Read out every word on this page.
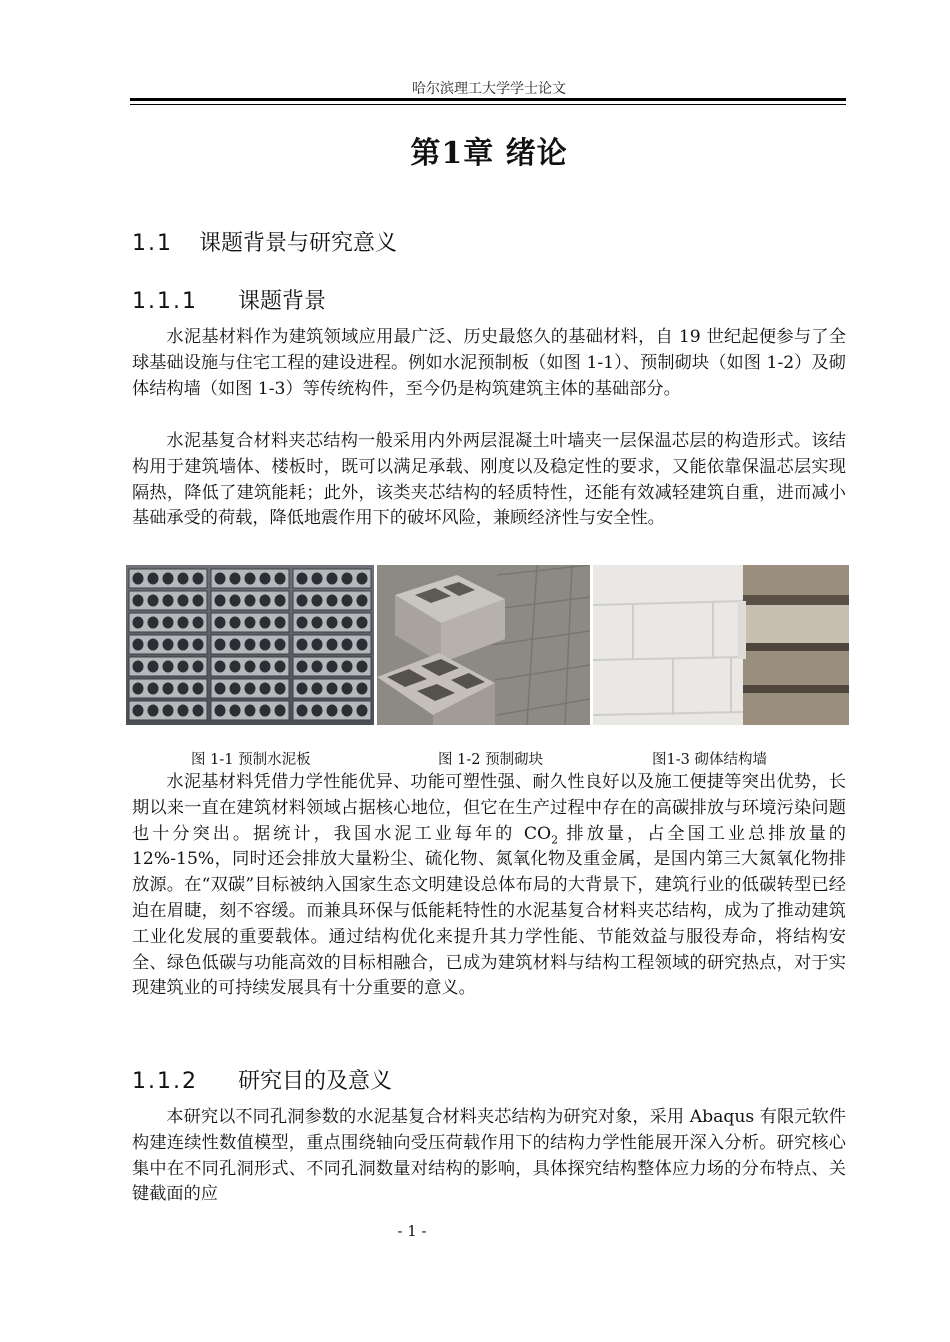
哈尔滨理工大学学士论文
第1章 绪论
1.1 课题背景与研究意义
1.1.1 课题背景

水泥基材料作为建筑领域应用最广泛、历史最悠久的基础材料，自 19 世纪起便参与了全球基础设施与住宅工程的建设进程。例如水泥预制板（如图 1-1）、预制砌块（如图 1-2）及砌体结构墙（如图 1-3）等传统构件，至今仍是构筑建筑主体的基础部分。

水泥基复合材料夹芯结构一般采用内外两层混凝土叶墙夹一层保温芯层的构造形式。该结构用于建筑墙体、楼板时，既可以满足承载、刚度以及稳定性的要求，又能依靠保温芯层实现隔热，降低了建筑能耗；此外，该类夹芯结构的轻质特性，还能有效减轻建筑自重，进而减小基础承受的荷载，降低地震作用下的破坏风险，兼顾经济性与安全性。

图 1-1 预制水泥板	图 1-2 预制砌块	图1-3 砌体结构墙

水泥基材料凭借力学性能优异、功能可塑性强、耐久性良好以及施工便捷等突出优势，长期以来一直在建筑材料领域占据核心地位，但它在生产过程中存在的高碳排放与环境污染问题也十分突出。据统计，我国水泥工业每年的 $CO_2$ 排放量，占全国工业总排放量的 12%-15%，同时还会排放大量粉尘、硫化物、氮氧化物及重金属，是国内第三大氮氧化物排放源。在“双碳”目标被纳入国家生态文明建设总体布局的大背景下，建筑行业的低碳转型已经迫在眉睫，刻不容缓。而兼具环保与低能耗特性的水泥基复合材料夹芯结构，成为了推动建筑工业化发展的重要载体。通过结构优化来提升其力学性能、节能效益与服役寿命，将结构安全、绿色低碳与功能高效的目标相融合，已成为建筑材料与结构工程领域的研究热点，对于实现建筑业的可持续发展具有十分重要的意义。

1.1.2 研究目的及意义

本研究以不同孔洞参数的水泥基复合材料夹芯结构为研究对象，采用 Abaqus 有限元软件构建连续性数值模型，重点围绕轴向受压荷载作用下的结构力学性能展开深入分析。研究核心集中在不同孔洞形式、不同孔洞数量对结构的影响，具体探究结构整体应力场的分布特点、关键截面的应

- 1 -
